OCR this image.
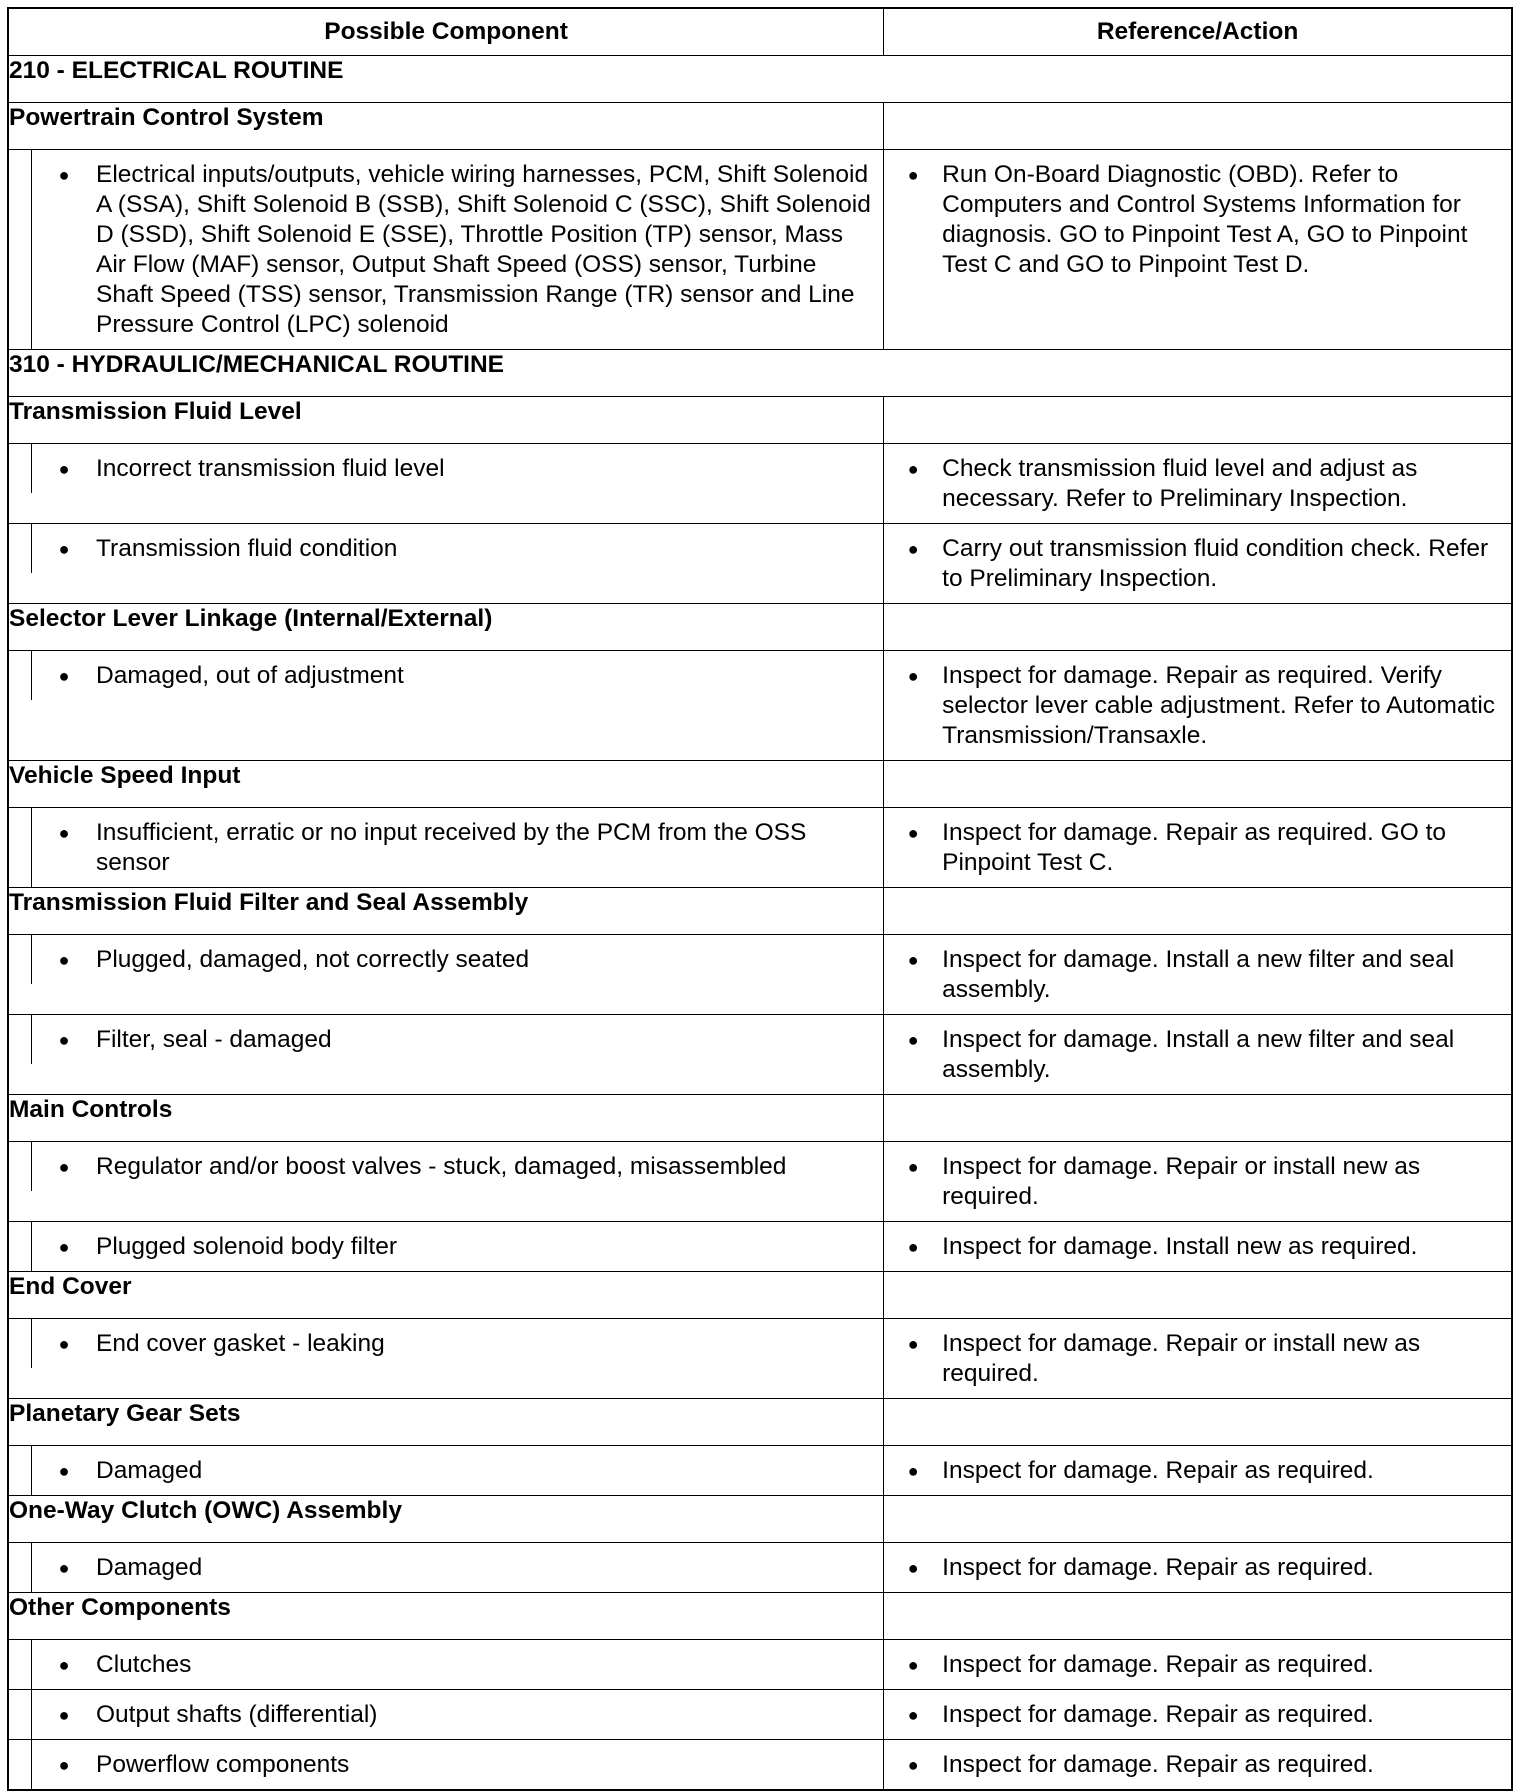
Possible Component	Reference/Action
210 - ELECTRICAL ROUTINE	
Powertrain Control System	

● Electrical inputs/outputs, vehicle wiring harnesses, PCM, Shift Solenoid A (SSA), Shift Solenoid B (SSB), Shift Solenoid C (SSC), Shift Solenoid D (SSD), Shift Solenoid E (SSE), Throttle Position (TP) sensor, Mass Air Flow (MAF) sensor, Output Shaft Speed (OSS) sensor, Turbine Shaft Speed (TSS) sensor, Transmission Range (TR) sensor and Line Pressure Control (LPC) solenoid	● Run On-Board Diagnostic (OBD). Refer to Computers and Control Systems Information for diagnosis. GO to Pinpoint Test A, GO to Pinpoint Test C and GO to Pinpoint Test D.

310 - HYDRAULIC/MECHANICAL ROUTINE	
Transmission Fluid Level	

● Incorrect transmission fluid level	● Check transmission fluid level and adjust as necessary. Refer to Preliminary Inspection.

● Transmission fluid condition	● Carry out transmission fluid condition check. Refer to Preliminary Inspection.

Selector Lever Linkage (Internal/External)	

● Damaged, out of adjustment	● Inspect for damage. Repair as required. Verify selector lever cable adjustment. Refer to Automatic Transmission/Transaxle.

Vehicle Speed Input	

● Insufficient, erratic or no input received by the PCM from the OSS sensor	● Inspect for damage. Repair as required. GO to Pinpoint Test C.

Transmission Fluid Filter and Seal Assembly	

● Plugged, damaged, not correctly seated	● Inspect for damage. Install a new filter and seal assembly.

● Filter, seal - damaged	● Inspect for damage. Install a new filter and seal assembly.

Main Controls	

● Regulator and/or boost valves - stuck, damaged, misassembled	● Inspect for damage. Repair or install new as required.

● Plugged solenoid body filter	● Inspect for damage. Install new as required.

End Cover	

● End cover gasket - leaking	● Inspect for damage. Repair or install new as required.

Planetary Gear Sets	

● Damaged	● Inspect for damage. Repair as required.

One-Way Clutch (OWC) Assembly	

● Damaged	● Inspect for damage. Repair as required.

Other Components	

● Clutches	● Inspect for damage. Repair as required.

● Output shafts (differential)	● Inspect for damage. Repair as required.

● Powerflow components	● Inspect for damage. Repair as required.
